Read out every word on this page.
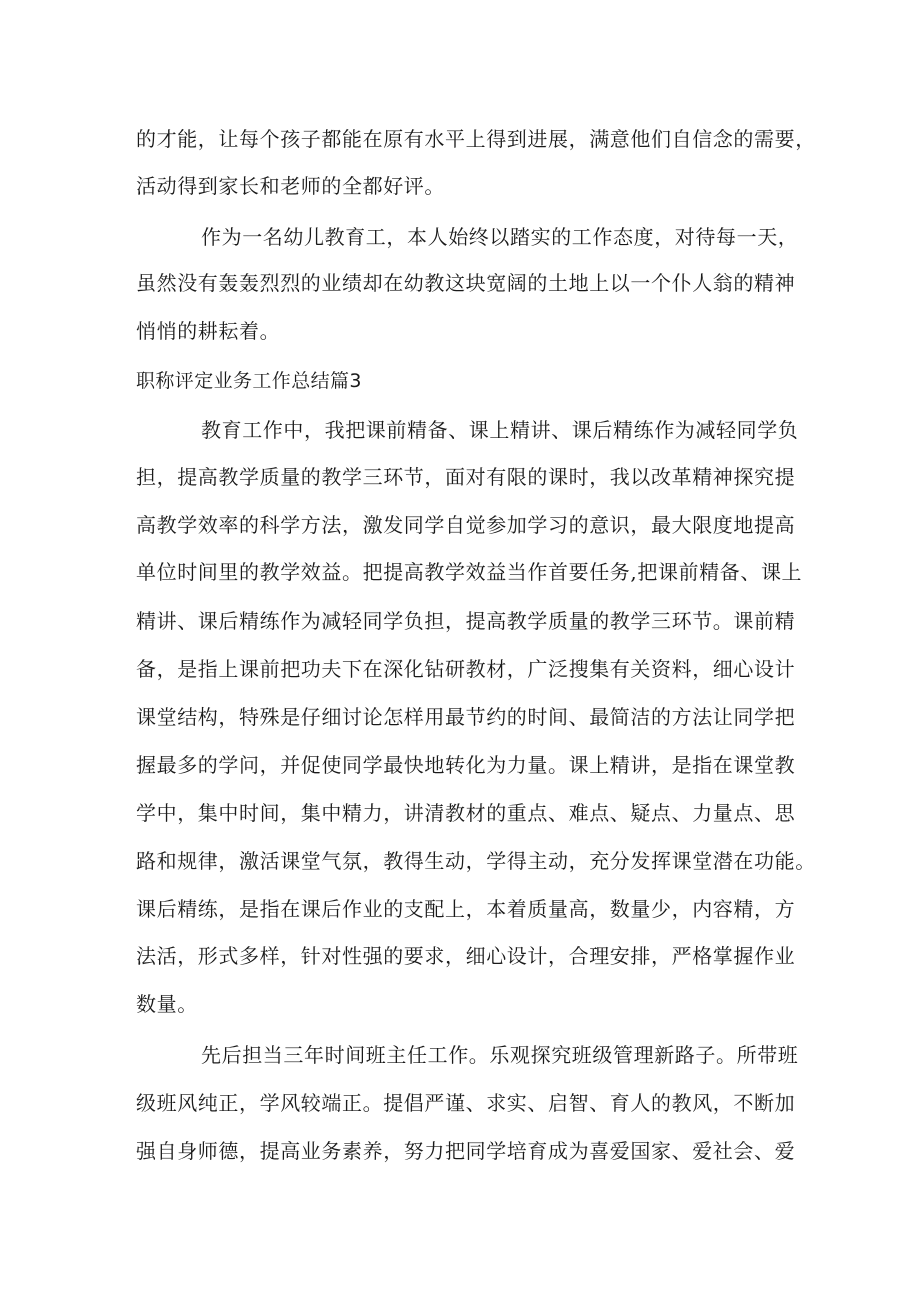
的才能，让每个孩子都能在原有水平上得到进展，满意他们自信念的需要，

活动得到家长和老师的全都好评。

作为一名幼儿教育工，本人始终以踏实的工作态度，对待每一天，

虽然没有轰轰烈烈的业绩却在幼教这块宽阔的土地上以一个仆人翁的精神

悄悄的耕耘着。

职称评定业务工作总结篇3

教育工作中，我把课前精备、课上精讲、课后精练作为减轻同学负

担，提高教学质量的教学三环节，面对有限的课时，我以改革精神探究提

高教学效率的科学方法，激发同学自觉参加学习的意识，最大限度地提高

单位时间里的教学效益。把提高教学效益当作首要任务,把课前精备、课上

精讲、课后精练作为减轻同学负担，提高教学质量的教学三环节。课前精

备，是指上课前把功夫下在深化钻研教材，广泛搜集有关资料，细心设计

课堂结构，特殊是仔细讨论怎样用最节约的时间、最简洁的方法让同学把

握最多的学问，并促使同学最快地转化为力量。课上精讲，是指在课堂教

学中，集中时间，集中精力，讲清教材的重点、难点、疑点、力量点、思

路和规律，激活课堂气氛，教得生动，学得主动，充分发挥课堂潜在功能。

课后精练，是指在课后作业的支配上，本着质量高，数量少，内容精，方

法活，形式多样，针对性强的要求，细心设计，合理安排，严格掌握作业

数量。

先后担当三年时间班主任工作。乐观探究班级管理新路子。所带班

级班风纯正，学风较端正。提倡严谨、求实、启智、育人的教风，不断加

强自身师德，提高业务素养，努力把同学培育成为喜爱国家、爱社会、爱
